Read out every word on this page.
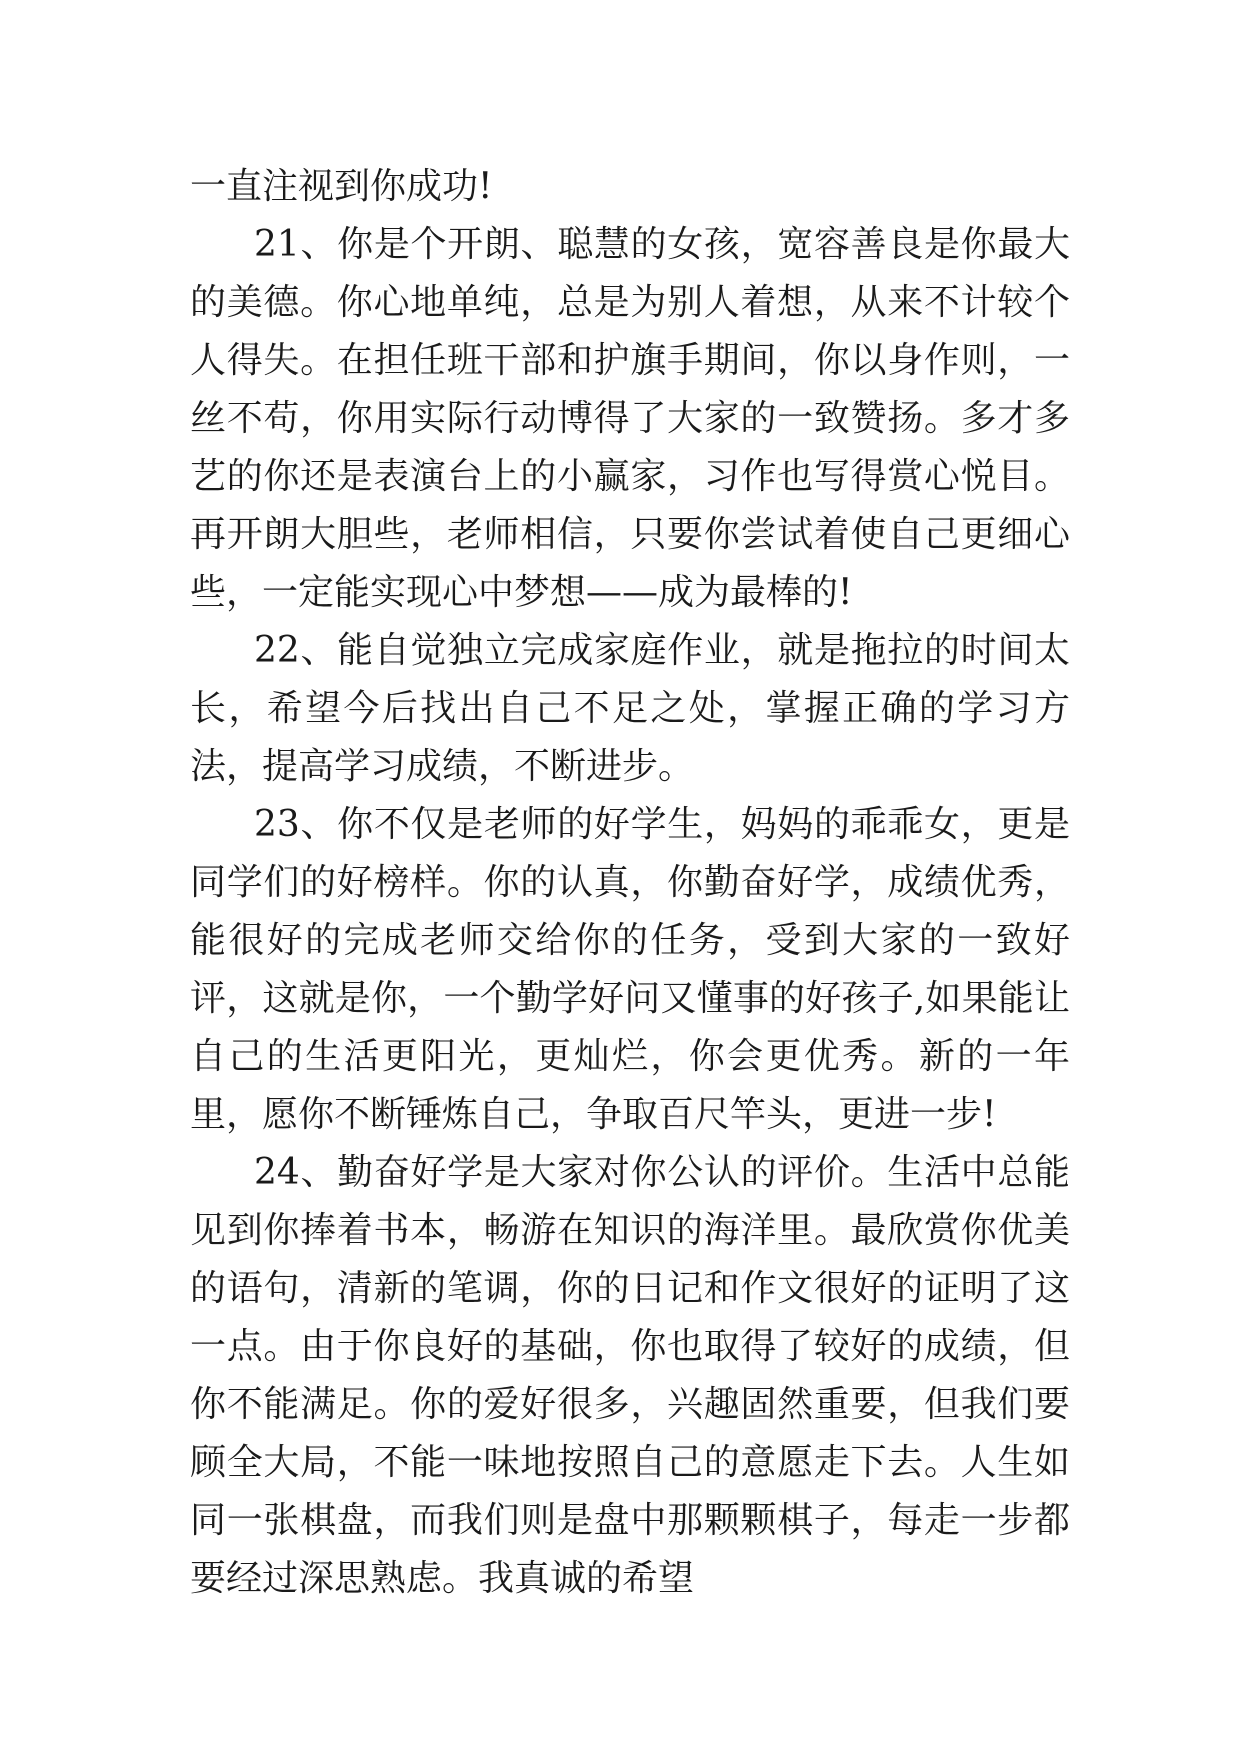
一直注视到你成功!

21、你是个开朗、聪慧的女孩，宽容善良是你最大的美德。你心地单纯，总是为别人着想，从来不计较个人得失。在担任班干部和护旗手期间，你以身作则，一丝不苟，你用实际行动博得了大家的一致赞扬。多才多艺的你还是表演台上的小赢家，习作也写得赏心悦目。再开朗大胆些，老师相信，只要你尝试着使自己更细心些，一定能实现心中梦想——成为最棒的!

22、能自觉独立完成家庭作业，就是拖拉的时间太长，希望今后找出自己不足之处，掌握正确的学习方法，提高学习成绩，不断进步。

23、你不仅是老师的好学生，妈妈的乖乖女，更是同学们的好榜样。你的认真，你勤奋好学，成绩优秀，能很好的完成老师交给你的任务，受到大家的一致好评，这就是你，一个勤学好问又懂事的好孩子,如果能让自己的生活更阳光，更灿烂，你会更优秀。新的一年里，愿你不断锤炼自己，争取百尺竿头，更进一步!

24、勤奋好学是大家对你公认的评价。生活中总能见到你捧着书本，畅游在知识的海洋里。最欣赏你优美的语句，清新的笔调，你的日记和作文很好的证明了这一点。由于你良好的基础，你也取得了较好的成绩，但你不能满足。你的爱好很多，兴趣固然重要，但我们要顾全大局，不能一味地按照自己的意愿走下去。人生如同一张棋盘，而我们则是盘中那颗颗棋子，每走一步都要经过深思熟虑。我真诚的希望
